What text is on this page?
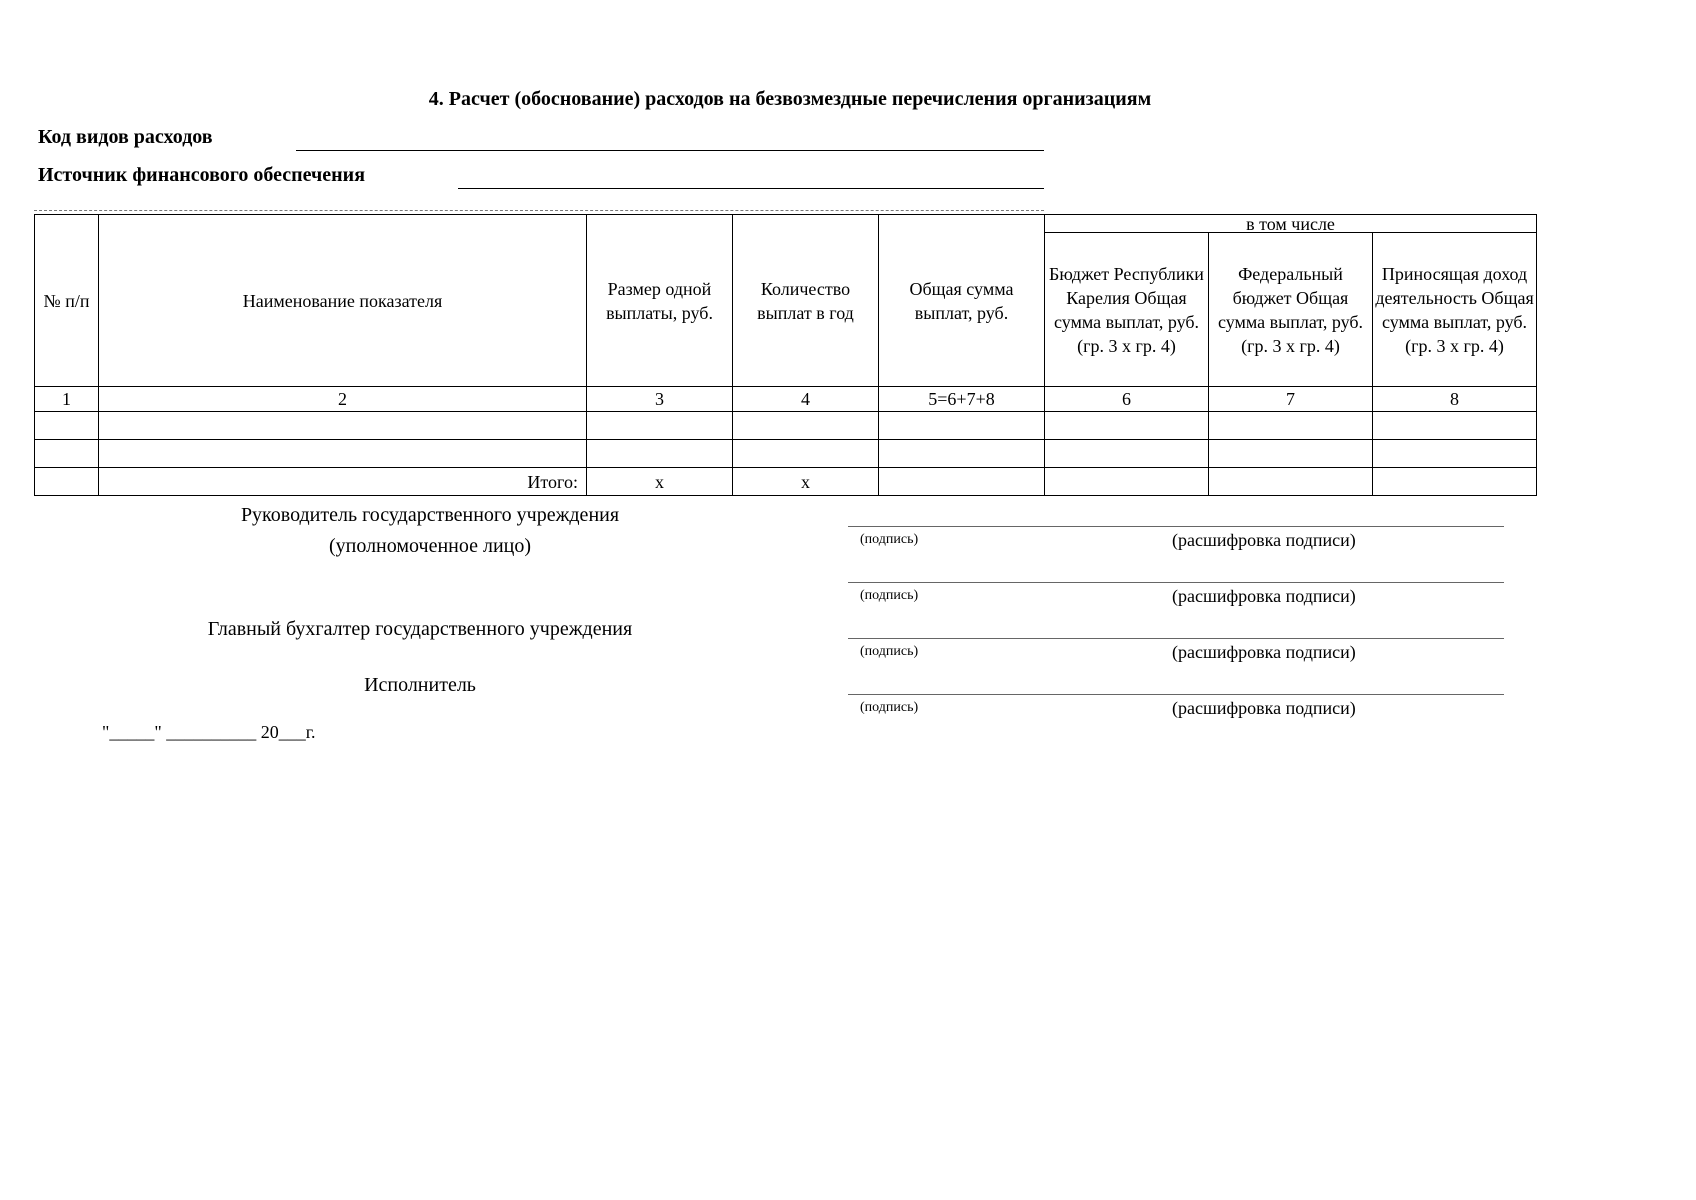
4. Расчет (обоснование) расходов на безвозмездные перечисления организациям
Код видов расходов
Источник финансового обеспечения
№ п/п	Наименование показателя	Размер одной выплаты, руб.	Количество выплат в год	Общая сумма выплат, руб.	в том числе		
					Бюджет Республики Карелия Общая сумма выплат, руб. (гр. 3 х гр. 4)	Федеральный бюджет Общая сумма выплат, руб. (гр. 3 х гр. 4)	Приносящая доход деятельность Общая сумма выплат, руб. (гр. 3 х гр. 4)
1	2	3	4	5=6+7+8	6	7	8

	Итого:	х	х				
Руководитель государственного учреждения
(уполномоченное лицо)
Главный бухгалтер государственного учреждения
Исполнитель
(подпись)	(расшифровка подписи)
(подпись)	(расшифровка подписи)
(подпись)	(расшифровка подписи)
(подпись)	(расшифровка подписи)
"_____" __________ 20___г.
